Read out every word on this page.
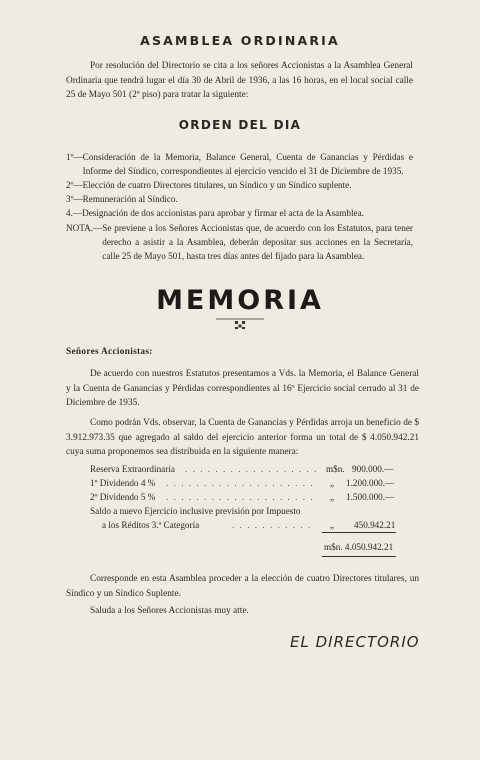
ASAMBLEA ORDINARIA
Por resolución del Directorio se cita a los señores Accionistas a la Asamblea General Ordinaria que tendrá lugar el día 30 de Abril de 1936, a las 16 horas, en el local social calle 25 de Mayo 501 (2º piso) para tratar la siguiente:
ORDEN DEL DIA
1º— Consideración de la Memoria, Balance General, Cuenta de Ganancias y Pérdidas e Informe del Síndico, correspondientes al ejercicio vencido el 31 de Diciembre de 1935.
2º—Elección de cuatro Directores titulares, un Síndico y un Síndico suplente.
3º—Remuneración al Síndico.
4.—Designación de dos accionistas para aprobar y firmar el acta de la Asamblea.
NOTA.— Se previene a los Señores Accionistas que, de acuerdo con los Estatutos, para tener derecho a asistir a la Asamblea, deberán depositar sus acciones en la Secretaría, calle 25 de Mayo 501, hasta tres días antes del fijado para la Asamblea.
MEMORIA
Señores Accionistas:
De acuerdo con nuestros Estatutos presentamos a Vds. la Memoria, el Balance General y la Cuenta de Ganancias y Pérdidas correspondientes al 16º Ejercicio social cerrado al 31 de Diciembre de 1935.
Como podrán Vds. observar, la Cuenta de Ganancias y Pérdidas arroja un beneficio de $ 3.912.973.35 que agregado al saldo del ejercicio anterior forma un total de $ 4.050.942.21 cuya suma proponemos sea distribuida en la siguiente manera:
Reserva Extraordinaria . . . . . . . . . . . . . . . . . . m$n. 900.000.—
1º Dividendo 4 % . . . . . . . . . . . . . . . . . . . . „ 1.200.000.—
2º Dividendo 5 % . . . . . . . . . . . . . . . . . . . . „ 1.500.000.—
Saldo a nuevo Ejercicio inclusive previsión por Impuesto
a los Réditos 3.ª Categoría	. . . . . . . . . . . „ 450.942.21
m$n. 4.050.942.21
Corresponde en esta Asamblea proceder a la elección de cuatro Directores titulares, un Síndico y un Síndico Suplente.
Saluda a los Señores Accionistas muy atte.
EL DIRECTORIO
